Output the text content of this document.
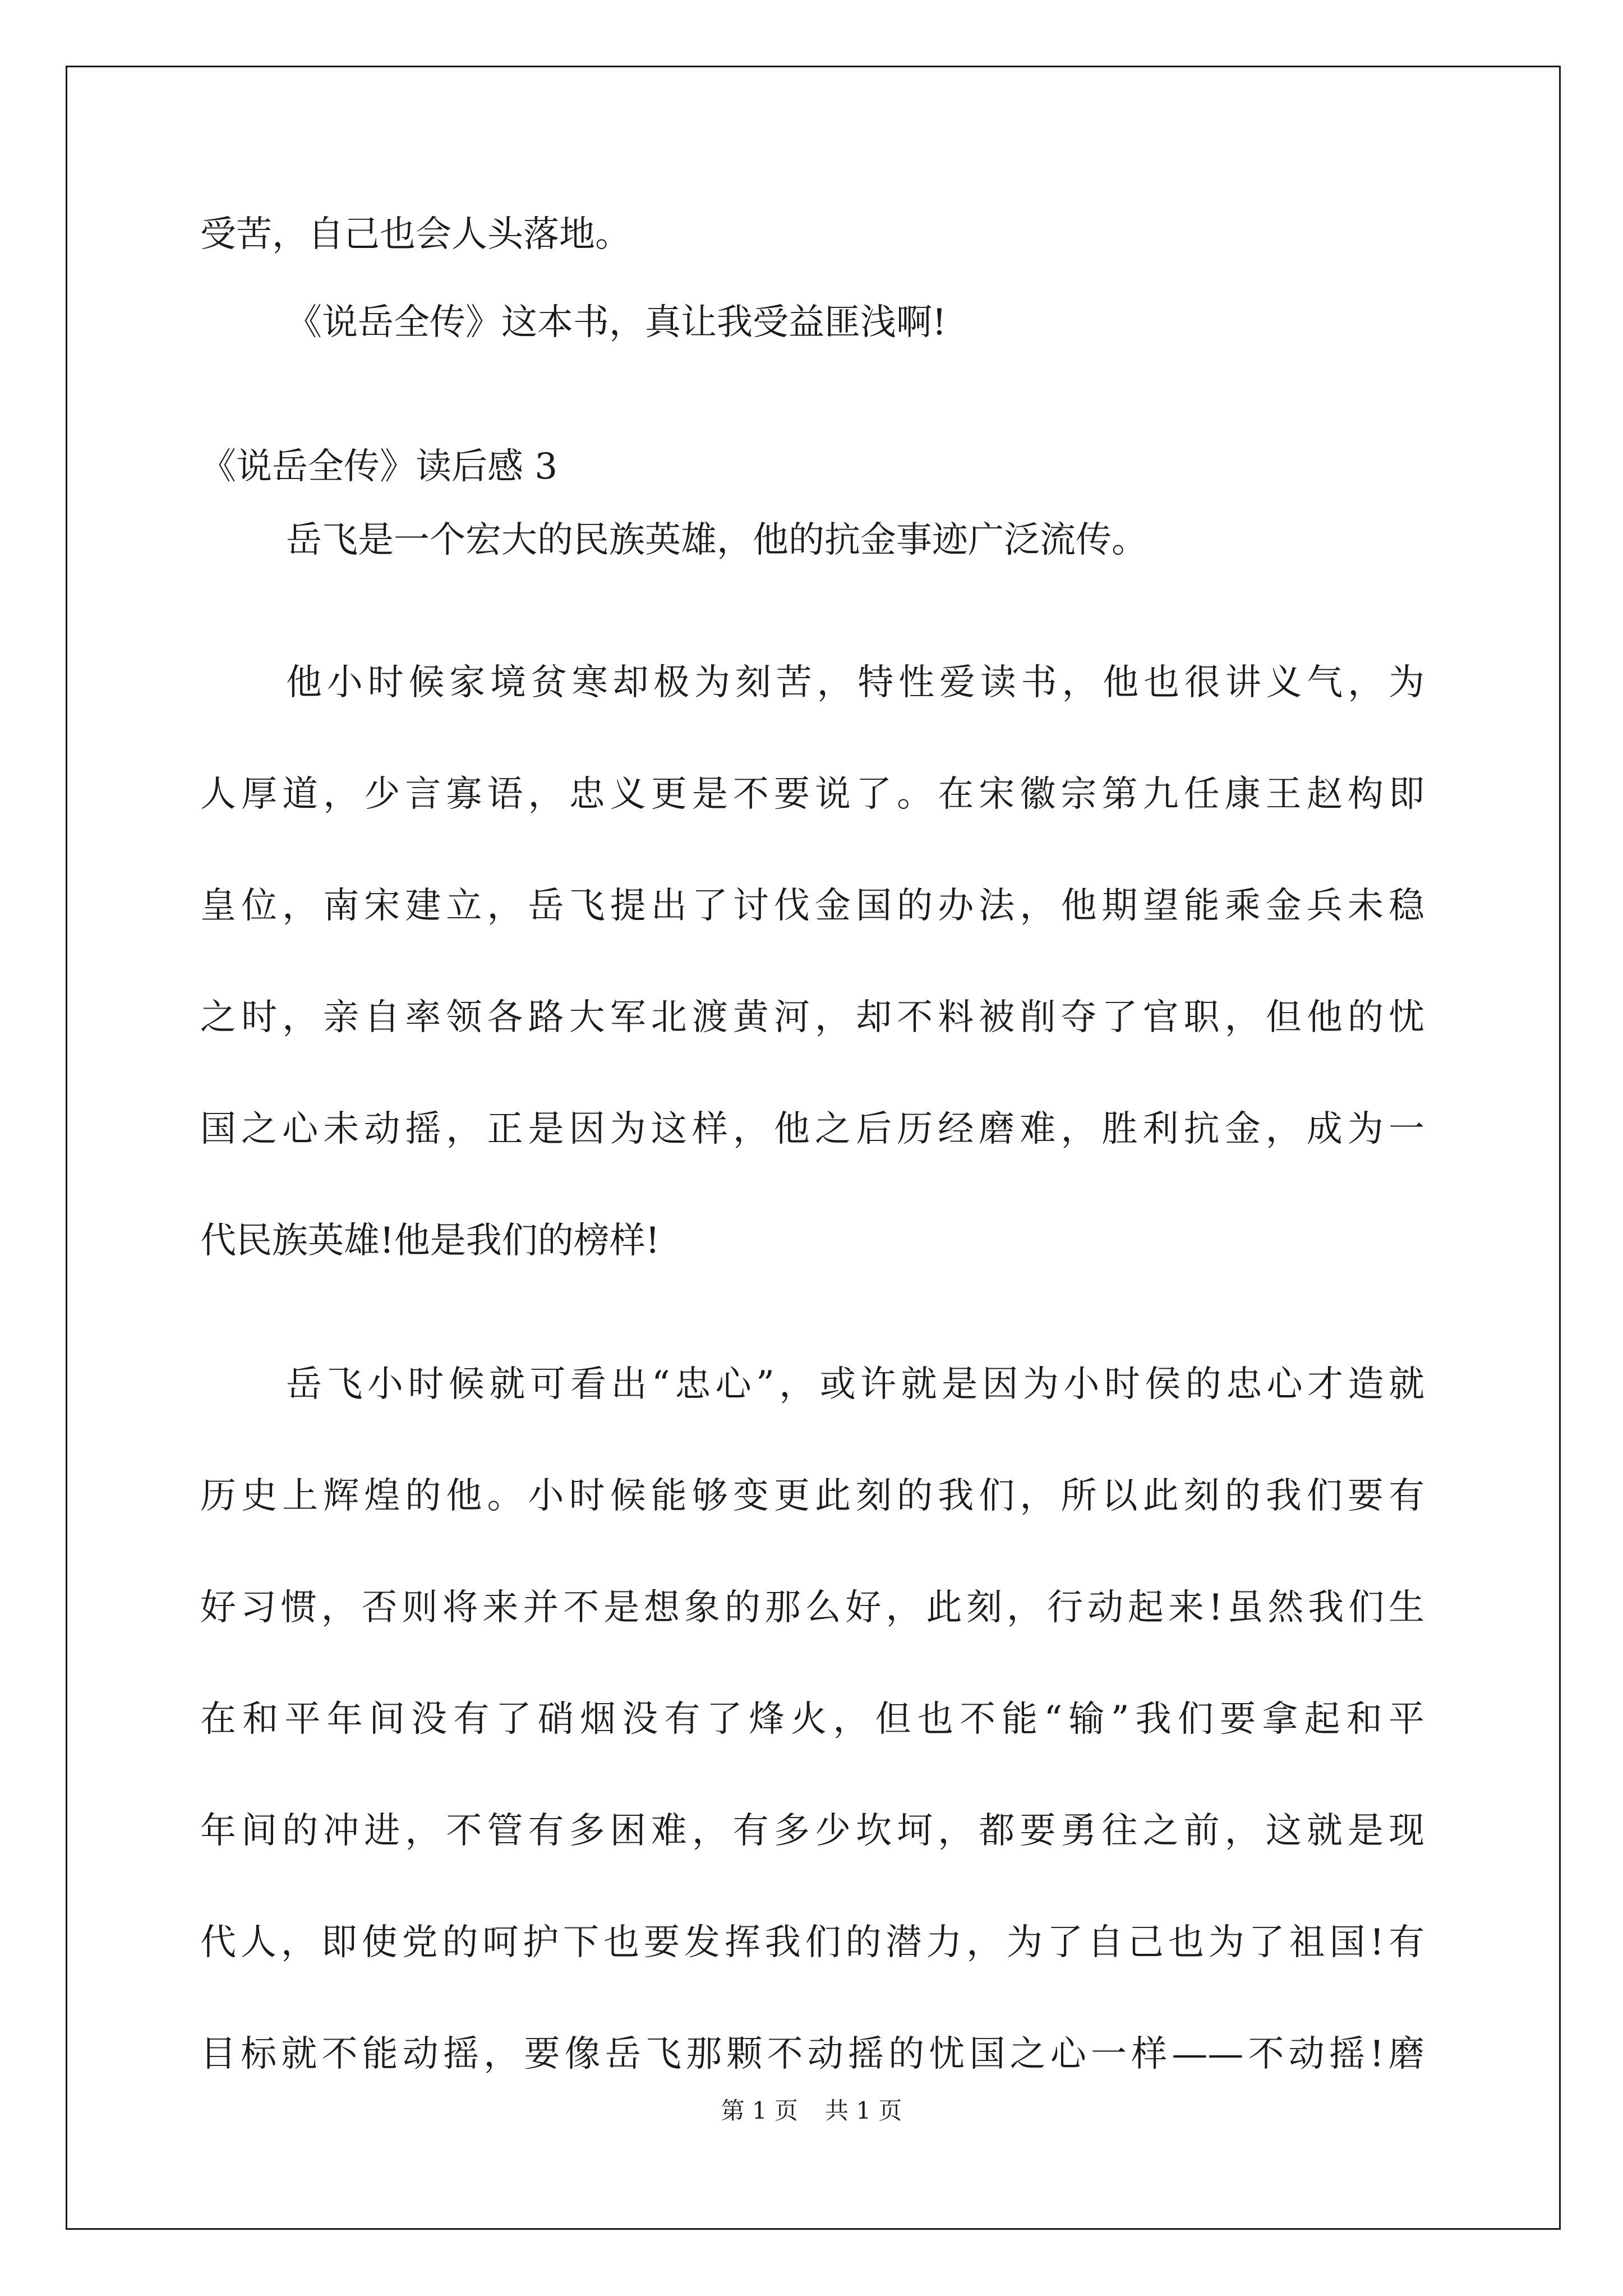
受苦，自己也会人头落地。

《说岳全传》这本书，真让我受益匪浅啊!

《说岳全传》读后感 3

岳飞是一个宏大的民族英雄，他的抗金事迹广泛流传。

他小时候家境贫寒却极为刻苦，特性爱读书，他也很讲义气，为

人厚道，少言寡语，忠义更是不要说了。在宋徽宗第九任康王赵构即

皇位，南宋建立，岳飞提出了讨伐金国的办法，他期望能乘金兵未稳

之时，亲自率领各路大军北渡黄河，却不料被削夺了官职，但他的忧

国之心未动摇，正是因为这样，他之后历经磨难，胜利抗金，成为一

代民族英雄!他是我们的榜样!

岳飞小时候就可看出“忠心”，或许就是因为小时侯的忠心才造就

历史上辉煌的他。小时候能够变更此刻的我们，所以此刻的我们要有

好习惯，否则将来并不是想象的那么好，此刻，行动起来!虽然我们生

在和平年间没有了硝烟没有了烽火，但也不能“输”我们要拿起和平

年间的冲进，不管有多困难，有多少坎坷，都要勇往之前，这就是现

代人，即使党的呵护下也要发挥我们的潜力，为了自己也为了祖国!有

目标就不能动摇，要像岳飞那颗不动摇的忧国之心一样——不动摇!磨

第 1 页 共 1 页
